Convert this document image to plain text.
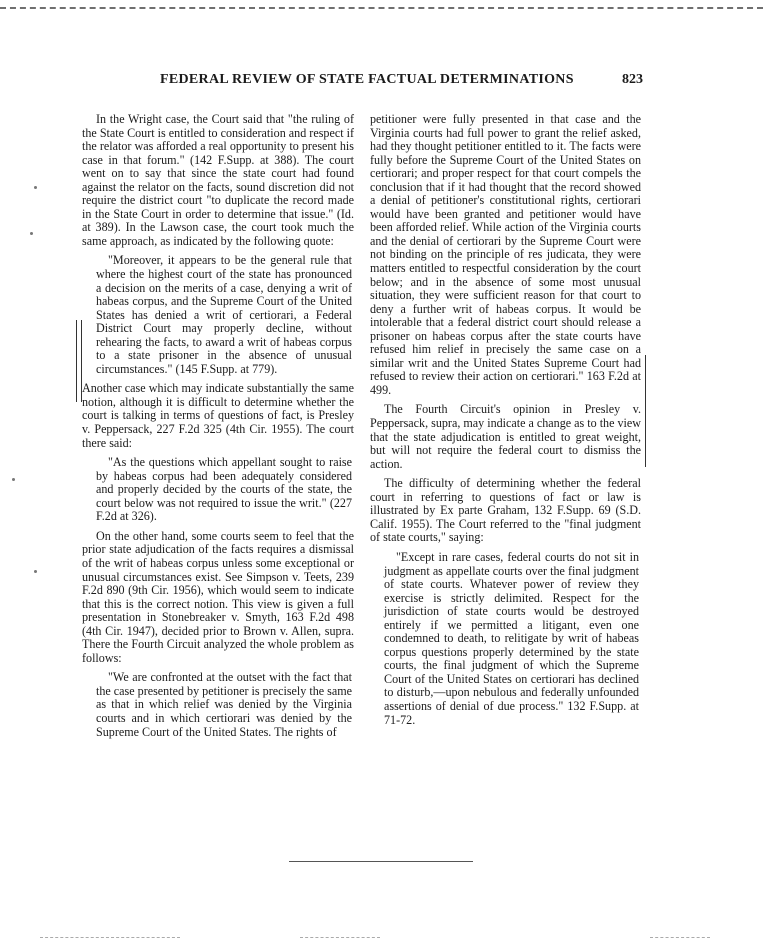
FEDERAL REVIEW OF STATE FACTUAL DETERMINATIONS	823

In the Wright case, the Court said that "the ruling of the State Court is entitled to consideration and respect if the relator was afforded a real opportunity to present his case in that forum." (142 F.Supp. at 388). The court went on to say that since the state court had found against the relator on the facts, sound discretion did not require the district court "to duplicate the record made in the State Court in order to determine that issue." (Id. at 389). In the Lawson case, the court took much the same approach, as indicated by the following quote:

"Moreover, it appears to be the general rule that where the highest court of the state has pronounced a decision on the merits of a case, denying a writ of habeas corpus, and the Supreme Court of the United States has denied a writ of certiorari, a Federal District Court may properly decline, without rehearing the facts, to award a writ of habeas corpus to a state prisoner in the absence of unusual circumstances." (145 F.Supp. at 779).

Another case which may indicate substantially the same notion, although it is difficult to determine whether the court is talking in terms of questions of fact, is Presley v. Peppersack, 227 F.2d 325 (4th Cir. 1955). The court there said:

"As the questions which appellant sought to raise by habeas corpus had been adequately considered and properly decided by the courts of the state, the court below was not required to issue the writ." (227 F.2d at 326).

On the other hand, some courts seem to feel that the prior state adjudication of the facts requires a dismissal of the writ of habeas corpus unless some exceptional or unusual circumstances exist. See Simpson v. Teets, 239 F.2d 890 (9th Cir. 1956), which would seem to indicate that this is the correct notion. This view is given a full presentation in Stonebreaker v. Smyth, 163 F.2d 498 (4th Cir. 1947), decided prior to Brown v. Allen, supra. There the Fourth Circuit analyzed the whole problem as follows:

"We are confronted at the outset with the fact that the case presented by petitioner is precisely the same as that in which relief was denied by the Virginia courts and in which certiorari was denied by the Supreme Court of the United States. The rights of

petitioner were fully presented in that case and the Virginia courts had full power to grant the relief asked, had they thought petitioner entitled to it. The facts were fully before the Supreme Court of the United States on certiorari; and proper respect for that court compels the conclusion that if it had thought that the record showed a denial of petitioner's constitutional rights, certiorari would have been granted and petitioner would have been afforded relief. While action of the Virginia courts and the denial of certiorari by the Supreme Court were not binding on the principle of res judicata, they were matters entitled to respectful consideration by the court below; and in the absence of some most unusual situation, they were sufficient reason for that court to deny a further writ of habeas corpus. It would be intolerable that a federal district court should release a prisoner on habeas corpus after the state courts have refused him relief in precisely the same case on a similar writ and the United States Supreme Court had refused to review their action on certiorari." 163 F.2d at 499.

The Fourth Circuit's opinion in Presley v. Peppersack, supra, may indicate a change as to the view that the state adjudication is entitled to great weight, but will not require the federal court to dismiss the action.

The difficulty of determining whether the federal court in referring to questions of fact or law is illustrated by Ex parte Graham, 132 F.Supp. 69 (S.D. Calif. 1955). The Court referred to the "final judgment of state courts," saying:

"Except in rare cases, federal courts do not sit in judgment as appellate courts over the final judgment of state courts. Whatever power of review they exercise is strictly delimited. Respect for the jurisdiction of state courts would be destroyed entirely if we permitted a litigant, even one condemned to death, to relitigate by writ of habeas corpus questions properly determined by the state courts, the final judgment of which the Supreme Court of the United States on certiorari has declined to disturb,—upon nebulous and federally unfounded assertions of denial of due process." 132 F.Supp. at 71-72.
